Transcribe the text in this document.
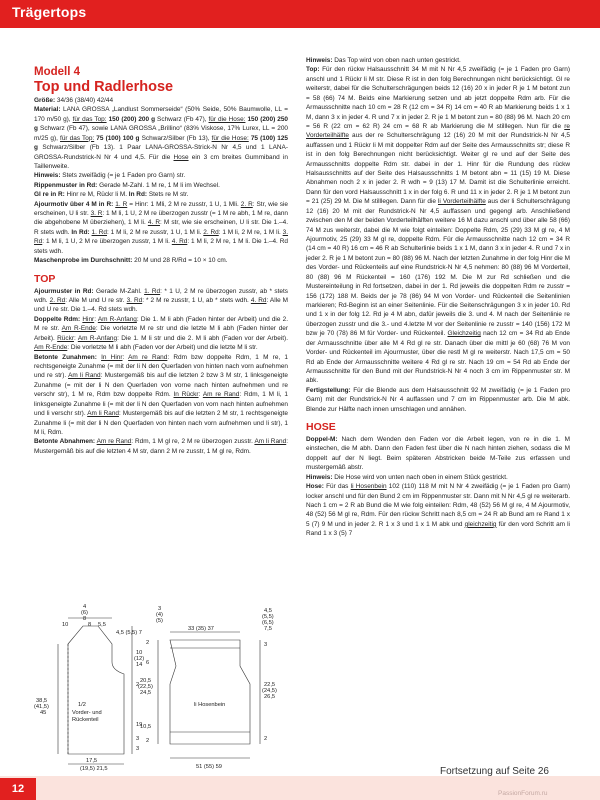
Trägertops
Modell 4
Top und Radlerhose

Größe: 34/36 (38/40) 42/44

Material: LANA GROSSA „Landlust Sommerseide“ (50% Seide, 50% Baumwolle, LL = 170 m/50 g), für das Top: 150 (200) 200 g Schwarz (Fb 47), für die Hose: 150 (200) 250 g Schwarz (Fb 47), sowie LANA GROSSA „Brillino“ (83% Viskose, 17% Lurex, LL = 200 m/25 g), für das Top: 75 (100) 100 g Schwarz/Silber (Fb 13), für die Hose: 75 (100) 125 g Schwarz/Silber (Fb 13). 1 Paar LANA-GROSSA-Strick-N Nr 4,5 und 1 LANA-GROSSA-Rundstrick-N Nr 4 und 4,5. Für die Hose ein 3 cm breites Gummiband in Taillenweite.

Hinweis: Stets zweifädig (= je 1 Faden pro Garn) str.

Rippenmuster in Rd: Gerade M-Zahl. 1 M re, 1 M li im Wechsel.

Gl re in R: Hinr re M, Rückr li M. In Rd: Stets re M str.

Ajourmotiv über 4 M in R: 1. R = Hinr: 1 Mli, 2 M re zusstr, 1 U, 1 Mli. 2. R: Str, wie sie erscheinen, U li str. 3. R: 1 M li, 1 U, 2 M re überzogen zusstr (= 1 M re abh, 1 M re, dann die abgehobene M überziehen), 1 M li. 4. R: M str, wie sie erscheinen, U li str. Die 1.–4. R stets wdh. In Rd: 1. Rd: 1 M li, 2 M re zusstr, 1 U, 1 M li. 2. Rd: 1 M li, 2 M re, 1 M li. 3. Rd: 1 M li, 1 U, 2 M re überzogen zusstr, 1 M li. 4. Rd: 1 M li, 2 M re, 1 M li. Die 1.–4. Rd stets wdh.

Maschenprobe im Durchschnitt: 20 M und 28 R/Rd = 10 × 10 cm.

TOP

Ajourmuster in Rd: Gerade M-Zahl. 1. Rd: * 1 U, 2 M re überzogen zusstr, ab * stets wdh. 2. Rd: Alle M und U re str. 3. Rd: * 2 M re zusstr, 1 U, ab * stets wdh. 4. Rd: Alle M und U re str. Die 1.–4. Rd stets wdh.

Doppelte Rdm: Hinr: Am R-Anfang: Die 1. M li abh (Faden hinter der Arbeit) und die 2. M re str. Am R-Ende: Die vorletzte M re str und die letzte M li abh (Faden hinter der Arbeit). Rückr: Am R-Anfang: Die 1. M li str und die 2. M li abh (Faden vor der Arbeit). Am R-Ende: Die vorletzte M li abh (Faden vor der Arbeit) und die letzte M li str.

Betonte Zunahmen: In Hinr: Am re Rand: Rdm bzw doppelte Rdm, 1 M re, 1 rechtsgeneigte Zunahme (= mit der li N den Querfaden von hinten nach vorn aufnehmen und re str). Am li Rand: Mustergemäß bis auf die letzten 2 bzw 3 M str, 1 linksgeneigte Zunahme (= mit der li N den Querfaden von vorne nach hinten aufnehmen und re verschr str), 1 M re, Rdm bzw doppelte Rdm. In Rückr: Am re Rand: Rdm, 1 M li, 1 linksgeneigte Zunahme li (= mit der li N den Querfaden von vorn nach hinten aufnehmen und li verschr str). Am li Rand: Mustergemäß bis auf die letzten 2 M str, 1 rechtsgeneigte Zunahme li (= mit der li N den Querfaden von hinten nach vorn aufnehmen und li str), 1 M li, Rdm.

Betonte Abnahmen: Am re Rand: Rdm, 1 M gl re, 2 M re überzogen zusstr. Am li Rand: Mustergemäß bis auf die letzten 4 M str, dann 2 M re zusstr, 1 M gl re, Rdm.

Hinweis: Das Top wird von oben nach unten gestrickt.

Top: Für den rückw Halsausschnitt 34 M mit N Nr 4,5 zweifädig (= je 1 Faden pro Garn) anschl und 1 Rückr li M str. Diese R ist in den folg Berechnungen nicht berücksichtigt. Gl re weiterstr, dabei für die Schulterschrägungen beids 12 (16) 20 x in jeder R je 1 M betont zun = 58 (66) 74 M. Beids eine Markierung setzen und ab jetzt doppelte Rdm arb. Für die Armausschnitte nach 10 cm = 28 R (12 cm = 34 R) 14 cm = 40 R ab Markierung beids 1 x 1 M, dann 3 x in jeder 4. R und 7 x in jeder 2. R je 1 M betont zun = 80 (88) 96 M. Nach 20 cm = 56 R (22 cm = 62 R) 24 cm = 68 R ab Markierung die M stilllegen. Nun für die re Vorderteilhälfte aus der re Schulterschrägung 12 (16) 20 M mit der Rundstrick-N Nr 4,5 auffassen und 1 Rückr li M mit doppelter Rdm auf der Seite des Armausschnitts str; diese R ist in den folg Berechnungen nicht berücksichtigt. Weiter gl re und auf der Seite des Armausschnitts doppelte Rdm str. dabei in der 1. Hinr für die Rundung des rückw Halsausschnitts auf der Seite des Halsausschnitts 1 M betont abn = 11 (15) 19 M. Diese Abnahmen noch 2 x in jeder 2. R wdh = 9 (13) 17 M. Damit ist die Schulterlinie erreicht. Dann für den vord Halsausschnitt 1 x in der folg 6. R und 11 x in jeder 2. R je 1 M betont zun = 21 (25) 29 M. Die M stilllegen. Dann für die li Vorderteilhälfte aus der li Schulterschrägung 12 (16) 20 M mit der Rundstrick-N Nr 4,5 auffassen und gegengl arb. Anschließend zwischen den M der beiden Vorderteilhälften weitere 16 M dazu anschl und über alle 58 (66) 74 M zus weiterstr, dabei die M wie folgt einteilen: Doppelte Rdm, 25 (29) 33 M gl re, 4 M Ajourmotiv, 25 (29) 33 M gl re, doppelte Rdm. Für die Armausschnitte nach 12 cm = 34 R (14 cm = 40 R) 16 cm = 46 R ab Schulterlinie beids 1 x 1 M, dann 3 x in jeder 4. R und 7 x in jeder 2. R je 1 M betont zun = 80 (88) 96 M. Nach der letzten Zunahme in der folg Hinr die M des Vorder- und Rückenteils auf eine Rundstrick-N Nr 4,5 nehmen: 80 (88) 96 M Vorderteil, 80 (88) 96 M Rückenteil = 160 (176) 192 M. Die M zur Rd schließen und die Mustereinteilung in Rd fortsetzen, dabei in der 1. Rd jeweils die doppelten Rdm re zusstr = 156 (172) 188 M. Beids der je 78 (86) 94 M von Vorder- und Rückenteil die Seitenlinien markieren; Rd-Beginn ist an einer Seitenlinie. Für die Seitenschrägungen 3 x in jeder 10. Rd und 1 x in der folg 12. Rd je 4 M abn, dafür jeweils die 3. und 4. M nach der Seitenlinie re überzogen zusstr und die 3.- und 4.letzte M vor der Seitenlinie re zusstr = 140 (156) 172 M bzw je 70 (78) 86 M für Vorder- und Rückenteil. Gleichzeitig nach 12 cm = 34 Rd ab Ende der Armausschnitte über alle M 4 Rd gl re str. Danach über die mittl je 60 (68) 76 M von Vorder- und Rückenteil im Ajourmuster, über die restl M gl re weiterstr. Nach 17,5 cm = 50 Rd ab Ende der Armausschnitte weitere 4 Rd gl re str. Nach 19 cm = 54 Rd ab Ende der Armausschnitte für den Bund mit der Rundstrick-N Nr 4 noch 3 cm im Rippenmuster str. M abk.

Fertigstellung: Für die Blende aus dem Halsausschnitt 92 M zweifädig (= je 1 Faden pro Garn) mit der Rundstrick-N Nr 4 auffassen und 7 cm im Rippenmuster arb. Die M abk. Blende zur Hälfte nach innen umschlagen und annähen.

HOSE

Doppel-M: Nach dem Wenden den Faden vor die Arbeit legen, von re in die 1. M einstechen, die M abh. Dann den Faden fest über die N nach hinten ziehen, sodass die M doppelt auf der N liegt. Beim späteren Abstricken beide M-Teile zus erfassen und mustergemäß abstr.

Hinweis: Die Hose wird von unten nach oben in einem Stück gestrickt.

Hose: Für das li Hosenbein 102 (110) 118 M mit N Nr 4 zweifädig (= je 1 Faden pro Garn) locker anschl und für den Bund 2 cm im Rippenmuster str. Dann mit N Nr 4,5 gl re weiterarb. Nach 1 cm = 2 R ab Bund die M wie folg einteilen: Rdm, 48 (52) 56 M gl re, 4 M Ajourmotiv, 48 (52) 56 M gl re, Rdm. Für den rückw Schritt nach 8,5 cm = 24 R ab Bund am re Rand 1 x 5 (7) 9 M und in jeder 2. R 1 x 3 und 1 x 1 M abk und gleichzeitig für den vord Schritt am li Rand 1 x 3 (5) 7

4
(6)
8
10	8 5,5
4,5 (5,5) 7
10
(12)
14
2
19
3
3
38,5
(41,5)
45
1/2
Vorder- und
Rückenteil
17,5
(19,5) 21,5
3
(4)
(5)
33 (35) 37
4,5
(5,5)
(6,5)
7,5
2
6
20,5
(22,5)
24,5
10,5
2
3
22,5
(24,5)
26,5
2
li Hosenbein
51 (55) 59	Fortsetzung auf Seite 26
12	PassionForum.ru
